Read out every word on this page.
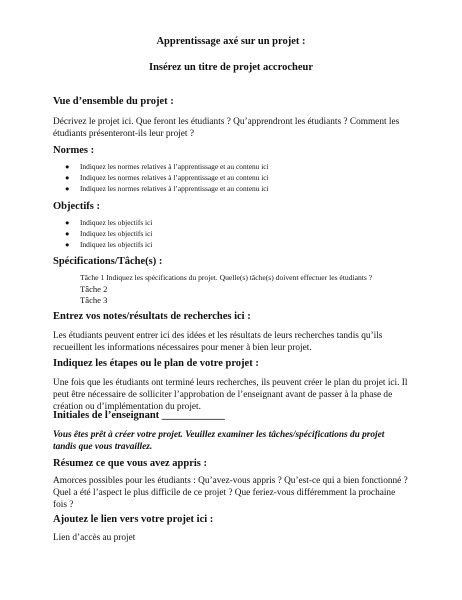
Apprentissage axé sur un projet :
Insérez un titre de projet accrocheur
Vue d’ensemble du projet :
Décrivez le projet ici. Que feront les étudiants ? Qu’apprendront les étudiants ? Comment les
étudiants présenteront-ils leur projet ?
Normes :
● Indiquez les normes relatives à l’apprentissage et au contenu ici
● Indiquez les normes relatives à l’apprentissage et au contenu ici
● Indiquez les normes relatives à l’apprentissage et au contenu ici
Objectifs :
● Indiquez les objectifs ici
● Indiquez les objectifs ici
● Indiquez les objectifs ici
Spécifications/Tâche(s) :
Tâche 1 Indiquez les spécifications du projet. Quelle(s) tâche(s) doivent effectuer les étudiants ?
Tâche 2
Tâche 3
Entrez vos notes/résultats de recherches ici :
Les étudiants peuvent entrer ici des idées et les résultats de leurs recherches tandis qu’ils
recueillent les informations nécessaires pour mener à bien leur projet.
Indiquez les étapes ou le plan de votre projet :
Une fois que les étudiants ont terminé leurs recherches, ils peuvent créer le plan du projet ici. Il
peut être nécessaire de solliciter l’approbation de l’enseignant avant de passer à la phase de
création ou d’implémentation du projet.
Initiales de l’enseignant ____________
Vous êtes prêt à créer votre projet. Veuillez examiner les tâches/spécifications du projet
tandis que vous travaillez.
Résumez ce que vous avez appris :
Amorces possibles pour les étudiants : Qu’avez-vous appris ? Qu’est-ce qui a bien fonctionné ?
Quel a été l’aspect le plus difficile de ce projet ? Que feriez-vous différemment la prochaine
fois ?
Ajoutez le lien vers votre projet ici :
Lien d’accès au projet
